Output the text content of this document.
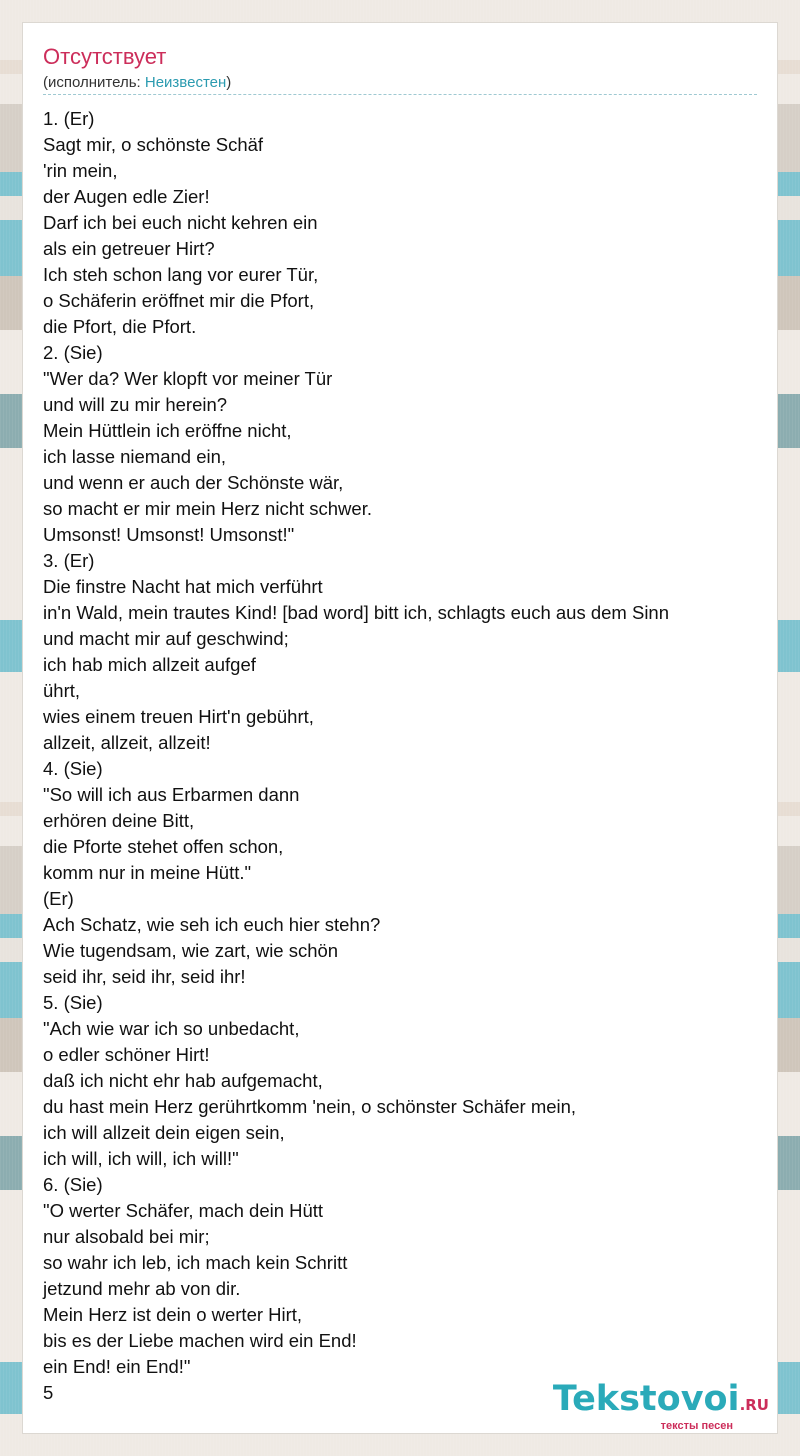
Отсутствует
(исполнитель: Неизвестен)
1. (Er)
Sagt mir, o schönste Schäf
'rin mein,
der Augen edle Zier!
Darf ich bei euch nicht kehren ein
als ein getreuer Hirt?
Ich steh schon lang vor eurer Tür,
o Schäferin eröffnet mir die Pfort,
die Pfort, die Pfort.
2. (Sie)
"Wer da? Wer klopft vor meiner Tür
und will zu mir herein?
Mein Hüttlein ich eröffne nicht,
ich lasse niemand ein,
und wenn er auch der Schönste wär,
so macht er mir mein Herz nicht schwer.
Umsonst! Umsonst! Umsonst!"
3. (Er)
Die finstre Nacht hat mich verführt
in'n Wald, mein trautes Kind! [bad word] bitt ich, schlagts euch aus dem Sinn
und macht mir auf geschwind;
ich hab mich allzeit aufgef
ührt,
wies einem treuen Hirt'n gebührt,
allzeit, allzeit, allzeit!
4. (Sie)
"So will ich aus Erbarmen dann
erhören deine Bitt,
die Pforte stehet offen schon,
komm nur in meine Hütt."
(Er)
Ach Schatz, wie seh ich euch hier stehn?
Wie tugendsam, wie zart, wie schön
seid ihr, seid ihr, seid ihr!
5. (Sie)
"Ach wie war ich so unbedacht,
o edler schöner Hirt!
daß ich nicht ehr hab aufgemacht,
du hast mein Herz gerührtkomm 'nein, o schönster Schäfer mein,
ich will allzeit dein eigen sein,
ich will, ich will, ich will!"
6. (Sie)
"O werter Schäfer, mach dein Hütt
nur alsobald bei mir;
so wahr ich leb, ich mach kein Schritt
jetzund mehr ab von dir.
Mein Herz ist dein o werter Hirt,
bis es der Liebe machen wird ein End!
ein End! ein End!"
5	Tekstovoi.RU
тексты песен
